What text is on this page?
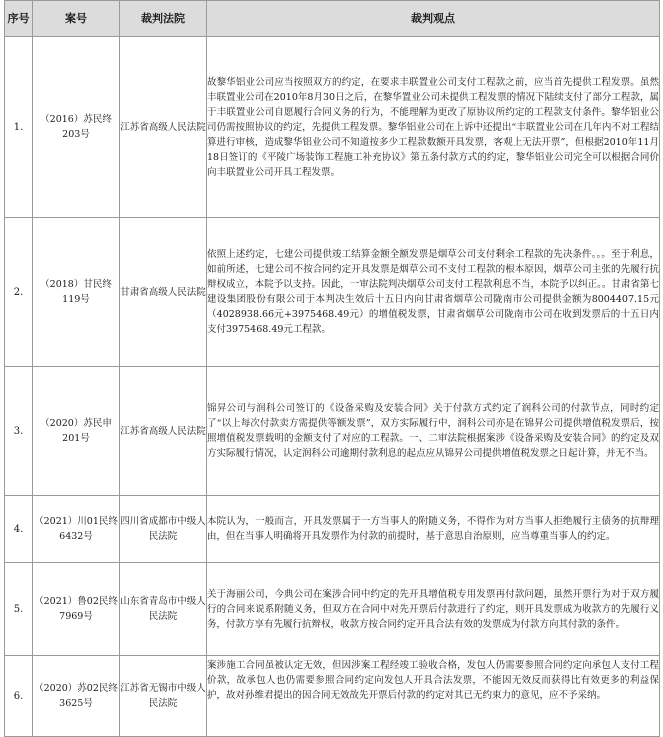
序号	案号	裁判法院	裁判观点
1.	（2016）苏民终203号	江苏省高级人民法院	故黎华铝业公司应当按照双方的约定，在要求丰联置业公司支付工程款之前，应当首先提供工程发票。虽然丰联置业公司在2010年8月30日之后，在黎华置业公司未提供工程发票的情况下陆续支付了部分工程款，属于丰联置业公司自愿履行合同义务的行为，不能理解为更改了原协议所约定的工程款支付条件。黎华铝业公司仍需按照协议的约定，先提供工程发票。黎华铝业公司在上诉中还提出“丰联置业公司在几年内不对工程结算进行审核，造成黎华铝业公司不知道按多少工程款数额开具发票，客观上无法开票”，但根据2010年11月18日签订的《平陵广场装饰工程施工补充协议》第五条付款方式的约定，黎华铝业公司完全可以根据合同价向丰联置业公司开具工程发票。

2.	（2018）甘民终119号	甘肃省高级人民法院	依照上述约定，七建公司提供竣工结算金额全额发票是烟草公司支付剩余工程款的先决条件。。。至于利息，如前所述，七建公司不按合同约定开具发票是烟草公司不支付工程款的根本原因，烟草公司主张的先履行抗辩权成立，本院予以支持。因此，一审法院判决烟草公司支付工程款利息不当，本院予以纠正。。甘肃省第七建设集团股份有限公司于本判决生效后十五日内向甘肃省烟草公司陇南市公司提供金额为8004407.15元（4028938.66元+3975468.49元）的增值税发票，甘肃省烟草公司陇南市公司在收到发票后的十五日内支付3975468.49元工程款。

3.	（2020）苏民申201号	江苏省高级人民法院	锦昇公司与润科公司签订的《设备采购及安装合同》关于付款方式约定了润科公司的付款节点，同时约定了“以上每次付款卖方需提供等额发票”，双方实际履行中，润科公司亦是在锦昇公司提供增值税发票后，按照增值税发票载明的金额支付了对应的工程款。一、二审法院根据案涉《设备采购及安装合同》的约定及双方实际履行情况，认定润科公司逾期付款利息的起点应从锦昇公司提供增值税发票之日起计算，并无不当。

4.	（2021）川01民终6432号	四川省成都市中级人民法院	本院认为，一般而言，开具发票属于一方当事人的附随义务，不得作为对方当事人拒绝履行主债务的抗辩理由，但在当事人明确将开具发票作为付款的前提时，基于意思自治原则，应当尊重当事人的约定。

5.	（2021）鲁02民终7969号	山东省青岛市中级人民法院	关于海丽公司，今典公司在案涉合同中约定的先开具增值税专用发票再付款问题，虽然开票行为对于双方履行的合同来说系附随义务，但双方在合同中对先开票后付款进行了约定，则开具发票成为收款方的先履行义务，付款方享有先履行抗辩权，收款方按合同约定开具合法有效的发票成为付款方向其付款的条件。

6.	（2020）苏02民终3625号	江苏省无锡市中级人民法院	案涉施工合同虽被认定无效，但因涉案工程经竣工验收合格，发包人仍需要参照合同约定向承包人支付工程价款，故承包人也仍需要参照合同约定向发包人开具合法发票，不能因无效反而获得比有效更多的利益保护，故对孙维君提出的因合同无效故先开票后付款的约定对其已无约束力的意见，应不予采纳。
